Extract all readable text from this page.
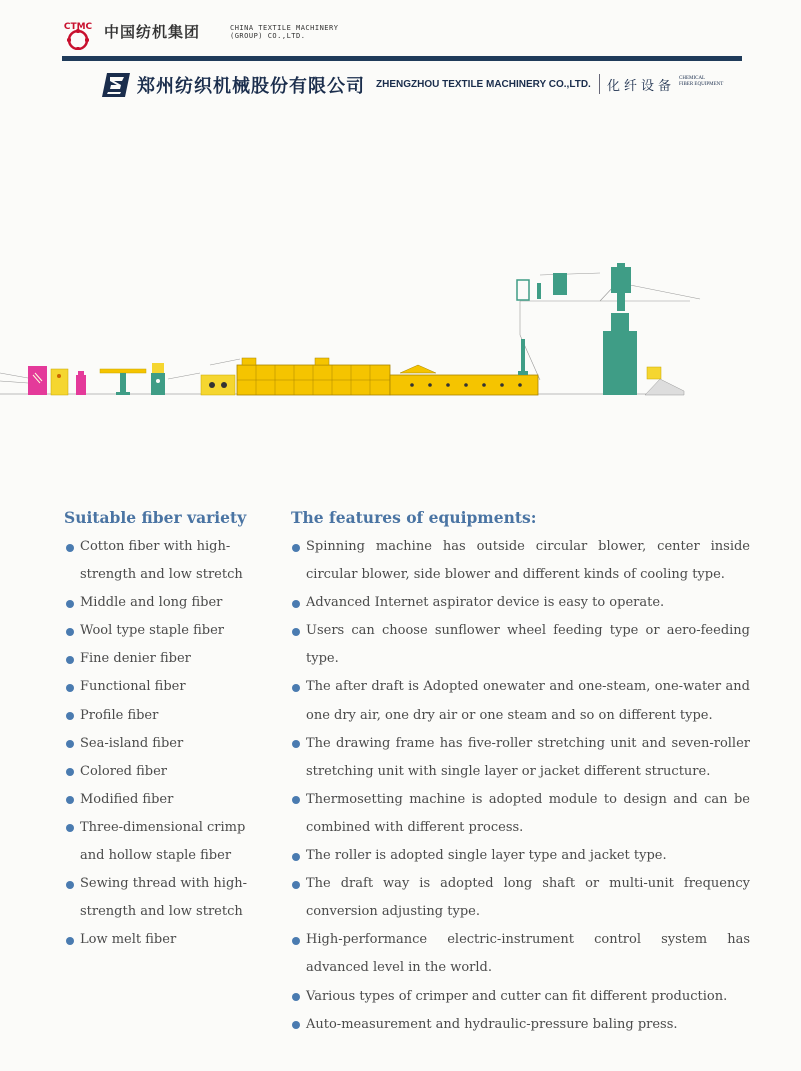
CTMC 中国纺机集团	CHINA TEXTILE MACHINERY
(GROUP) CO.,LTD.
郑州纺织机械股份有限公司 ZHENGZHOU TEXTILE MACHINERY CO.,LTD. 化纤设备
CHEMICAL
FIBER EQUIPMENT
Suitable fiber variety
Cotton fiber with high-strength and low stretch
Middle and long fiber
Wool type staple fiber
Fine denier fiber
Functional fiber
Profile fiber
Sea-island fiber
Colored fiber
Modified fiber
Three-dimensional crimp and hollow staple fiber
Sewing thread with high-strength and low stretch
Low melt fiber
The features of equipments:
Spinning machine has outside circular blower, center inside circular blower, side blower and different kinds of cooling type.
Advanced Internet aspirator device is easy to operate.
Users can choose sunflower wheel feeding type or aero-feeding type.
The after draft is Adopted onewater and one-steam, one-water and one dry air, one dry air or one steam and so on different type.
The drawing frame has five-roller stretching unit and seven-roller stretching unit with single layer or jacket different structure.
Thermosetting machine is adopted module to design and can be combined with different process.
The roller is adopted single layer type and jacket type.
The draft way is adopted long shaft or multi-unit frequency conversion adjusting type.
High-performance electric-instrument control system has advanced level in the world.
Various types of crimper and cutter can fit different production.
Auto-measurement and hydraulic-pressure baling press.
